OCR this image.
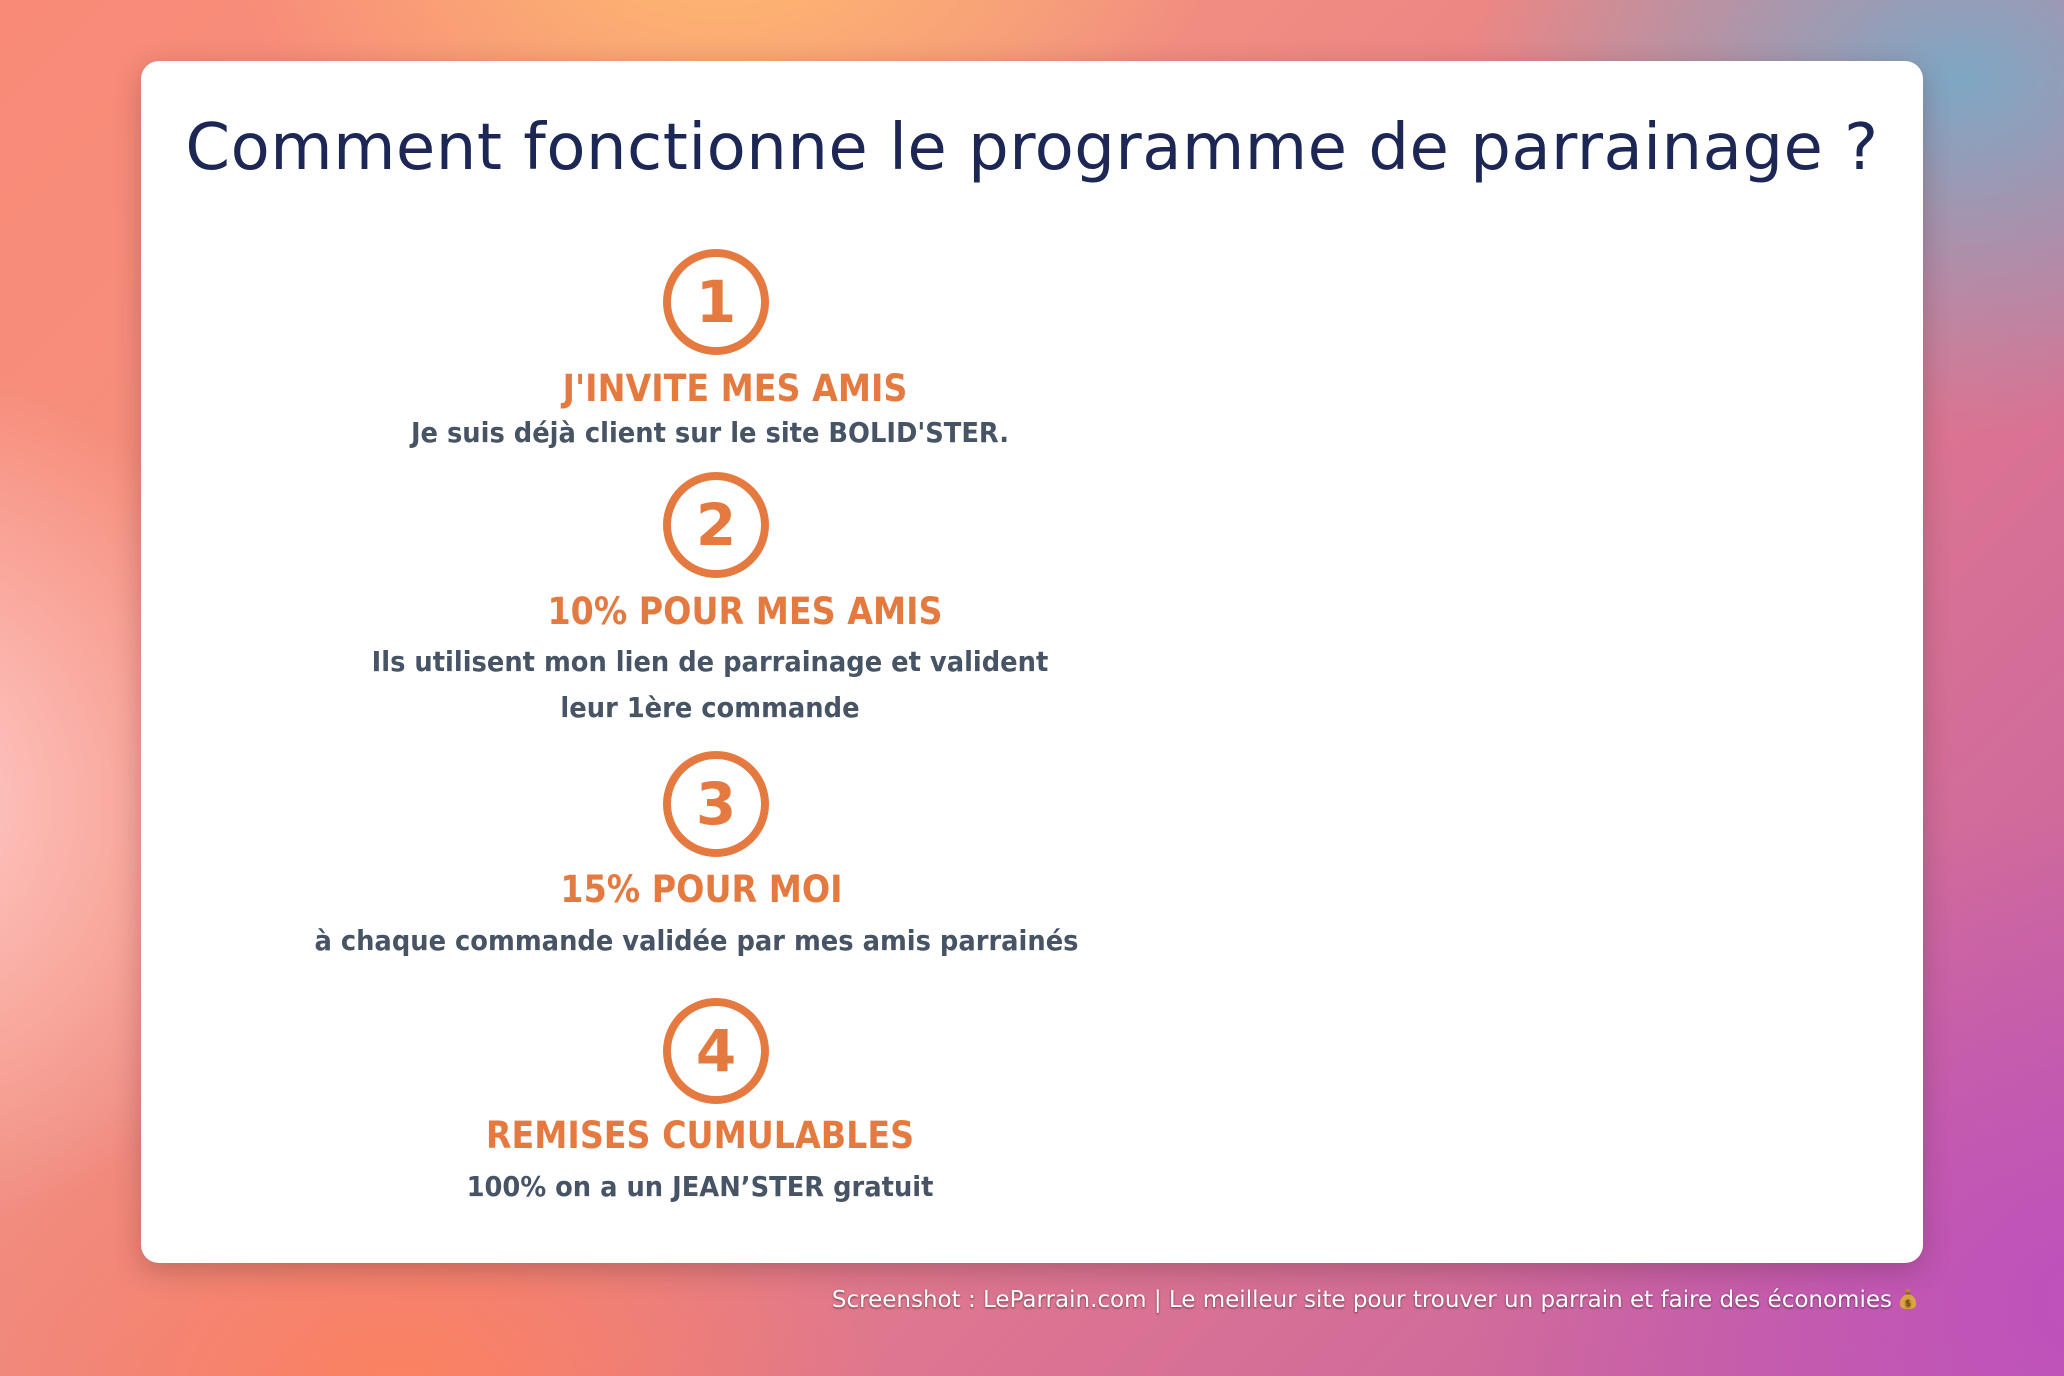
Comment fonctionne le programme de parrainage ?
1
J'INVITE MES AMIS
Je suis déjà client sur le site BOLID'STER.
2
10% POUR MES AMIS
Ils utilisent mon lien de parrainage et valident
leur 1ère commande
3
15% POUR MOI
à chaque commande validée par mes amis parrainés
4
REMISES CUMULABLES
100% on a un JEAN’STER gratuit
Screenshot : LeParrain.com | Le meilleur site pour trouver un parrain et faire des économies $
